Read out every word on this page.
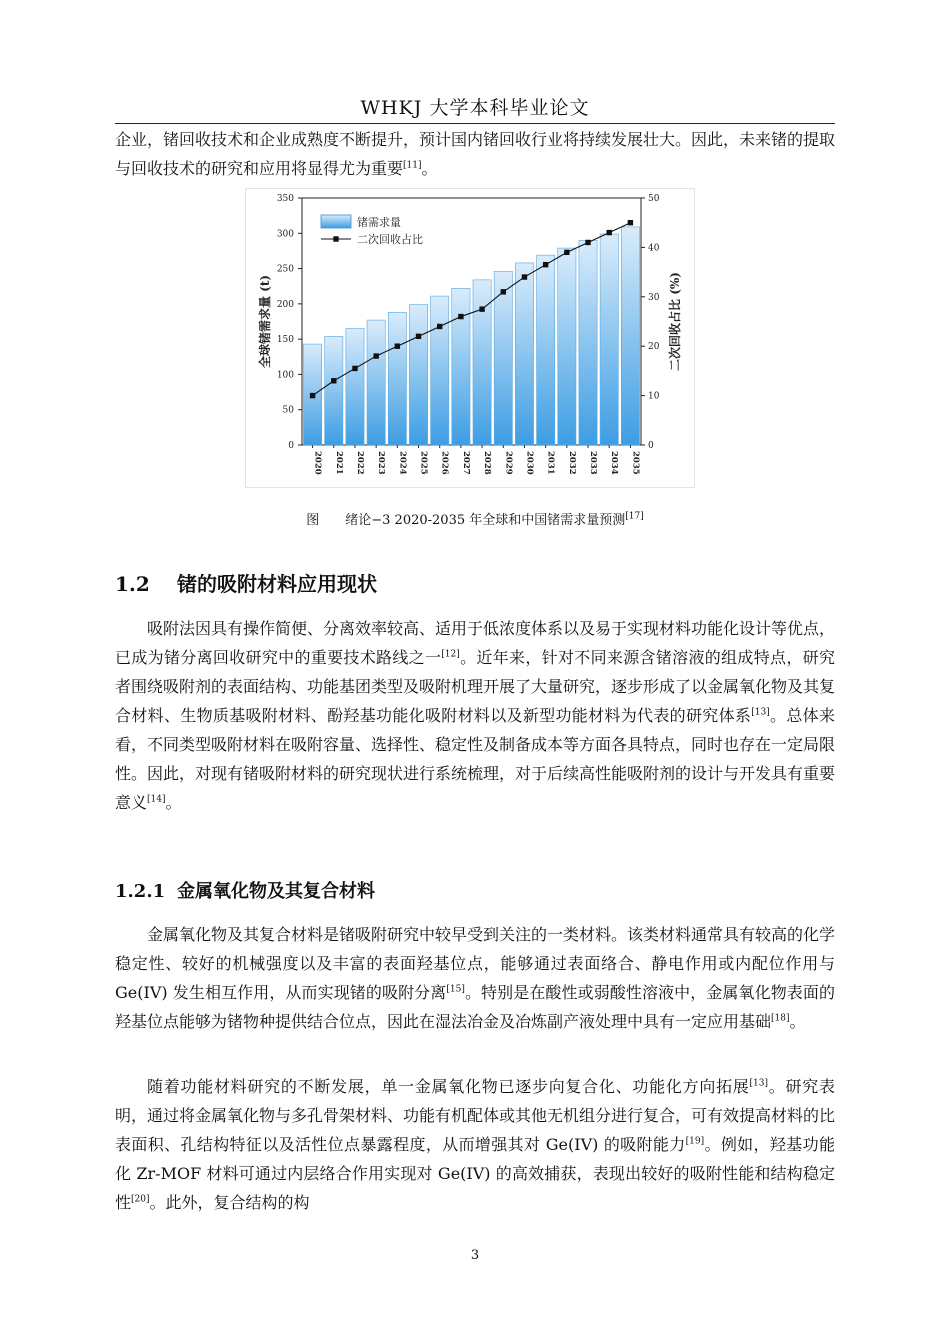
WHKJ 大学本科毕业论文

企业，锗回收技术和企业成熟度不断提升，预计国内锗回收行业将持续发展壮大。因此，未来锗的提取与回收技术的研究和应用将显得尤为重要[11]。

0
50
100
150
200
250
300
350
0
10
20
30
40
50
2020 2021 2022 2023 2024 2025 2026 2027 2028 2029 2030 2031 2032 2033 2034 2035
全球锗需求量 (t)	二次回收占比 (%)
锗需求量
二次回收占比
图　　绪论−3 2020-2035 年全球和中国锗需求量预测[17]
1.2 锗的吸附材料应用现状

吸附法因具有操作简便、分离效率较高、适用于低浓度体系以及易于实现材料功能化设计等优点，已成为锗分离回收研究中的重要技术路线之一[12]。近年来，针对不同来源含锗溶液的组成特点，研究者围绕吸附剂的表面结构、功能基团类型及吸附机理开展了大量研究，逐步形成了以金属氧化物及其复合材料、生物质基吸附材料、酚羟基功能化吸附材料以及新型功能材料为代表的研究体系[13]。总体来看，不同类型吸附材料在吸附容量、选择性、稳定性及制备成本等方面各具特点，同时也存在一定局限性。因此，对现有锗吸附材料的研究现状进行系统梳理，对于后续高性能吸附剂的设计与开发具有重要意义[14]。

1.2.1 金属氧化物及其复合材料

金属氧化物及其复合材料是锗吸附研究中较早受到关注的一类材料。该类材料通常具有较高的化学稳定性、较好的机械强度以及丰富的表面羟基位点，能够通过表面络合、静电作用或内配位作用与 Ge(IV) 发生相互作用，从而实现锗的吸附分离[15]。特别是在酸性或弱酸性溶液中，金属氧化物表面的羟基位点能够为锗物种提供结合位点，因此在湿法冶金及冶炼副产液处理中具有一定应用基础[18]。

随着功能材料研究的不断发展，单一金属氧化物已逐步向复合化、功能化方向拓展[13]。研究表明，通过将金属氧化物与多孔骨架材料、功能有机配体或其他无机组分进行复合，可有效提高材料的比表面积、孔结构特征以及活性位点暴露程度，从而增强其对 Ge(IV) 的吸附能力[19]。例如，羟基功能化 Zr-MOF 材料可通过内层络合作用实现对 Ge(IV) 的高效捕获，表现出较好的吸附性能和结构稳定性[20]。此外，复合结构的构

3
